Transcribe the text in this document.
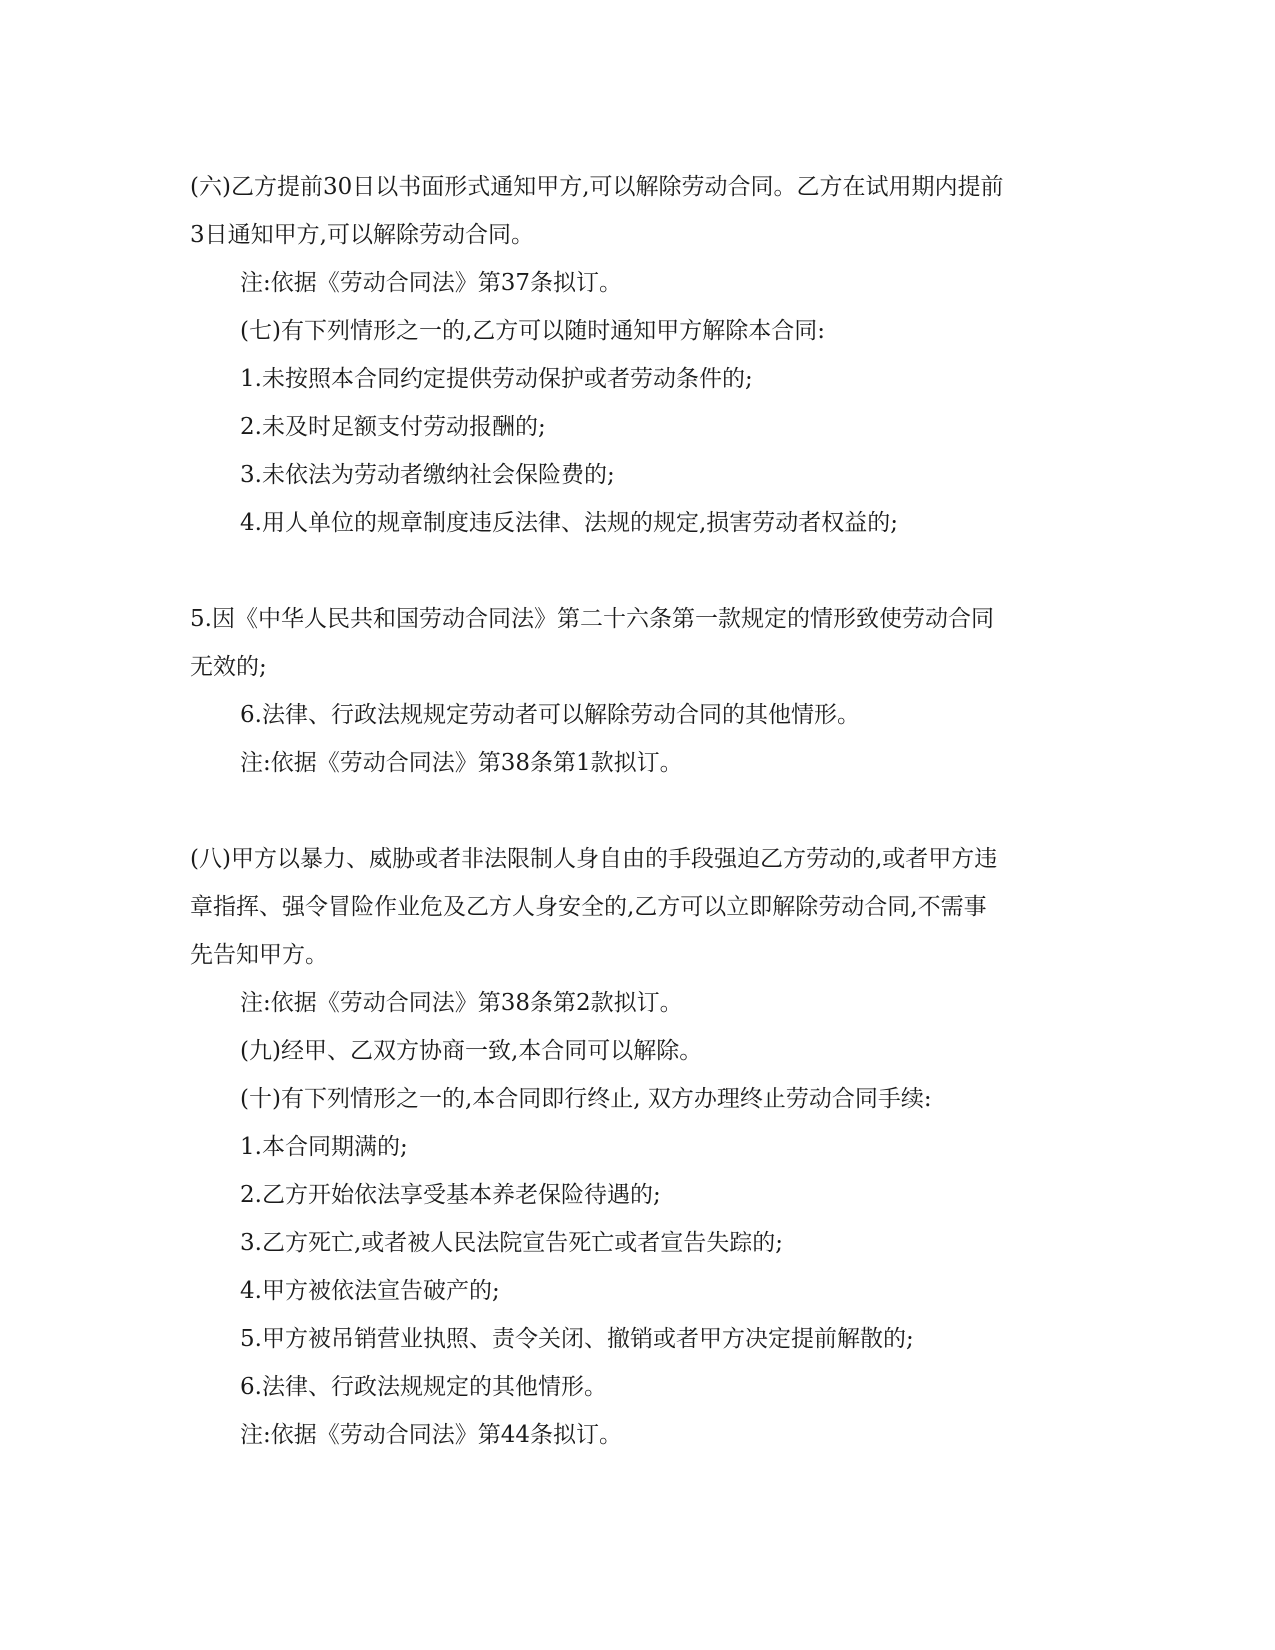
(六)乙方提前30日以书面形式通知甲方,可以解除劳动合同。乙方在试用期内提前
3日通知甲方,可以解除劳动合同。
注:依据《劳动合同法》第37条拟订。
(七)有下列情形之一的,乙方可以随时通知甲方解除本合同:
1.未按照本合同约定提供劳动保护或者劳动条件的;
2.未及时足额支付劳动报酬的;
3.未依法为劳动者缴纳社会保险费的;
4.用人单位的规章制度违反法律、法规的规定,损害劳动者权益的;
5.因《中华人民共和国劳动合同法》第二十六条第一款规定的情形致使劳动合同
无效的;
6.法律、行政法规规定劳动者可以解除劳动合同的其他情形。
注:依据《劳动合同法》第38条第1款拟订。
(八)甲方以暴力、威胁或者非法限制人身自由的手段强迫乙方劳动的,或者甲方违
章指挥、强令冒险作业危及乙方人身安全的,乙方可以立即解除劳动合同,不需事
先告知甲方。
注:依据《劳动合同法》第38条第2款拟订。
(九)经甲、乙双方协商一致,本合同可以解除。
(十)有下列情形之一的,本合同即行终止, 双方办理终止劳动合同手续:
1.本合同期满的;
2.乙方开始依法享受基本养老保险待遇的;
3.乙方死亡,或者被人民法院宣告死亡或者宣告失踪的;
4.甲方被依法宣告破产的;
5.甲方被吊销营业执照、责令关闭、撤销或者甲方决定提前解散的;
6.法律、行政法规规定的其他情形。
注:依据《劳动合同法》第44条拟订。
